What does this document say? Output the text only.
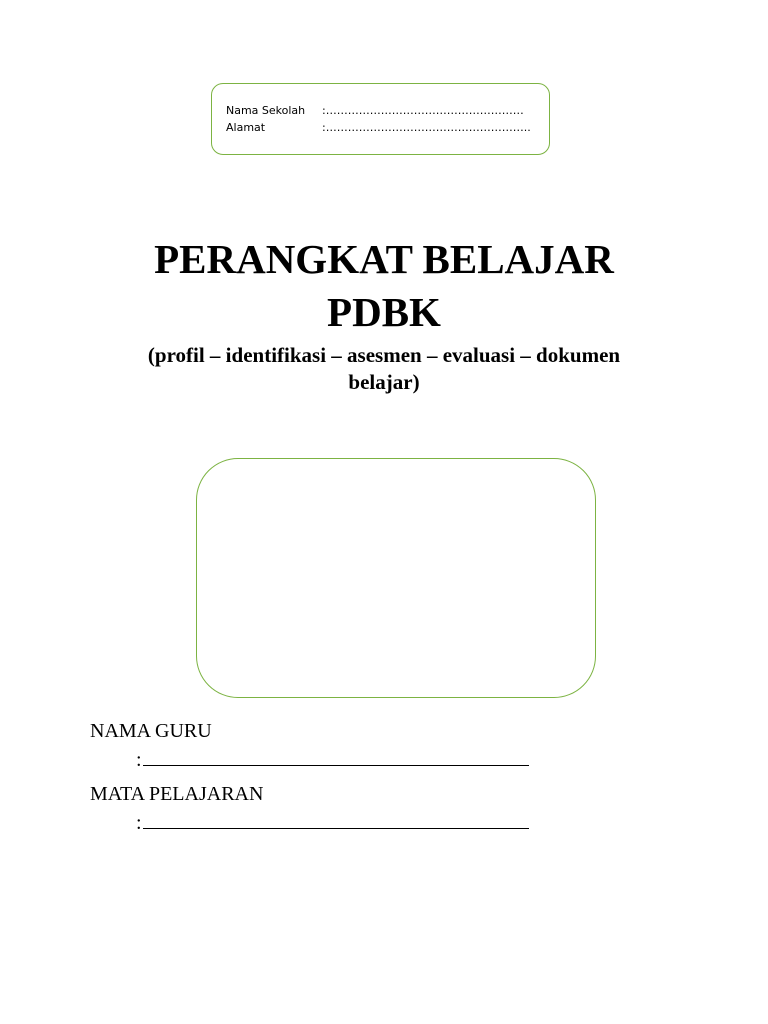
Nama Sekolah :………………………………………………
Alamat	:………………………………………………..
PERANGKAT BELAJAR
PDBK
(profil – identifikasi – asesmen – evaluasi – dokumen
belajar)
NAMA GURU
:
MATA PELAJARAN
:
